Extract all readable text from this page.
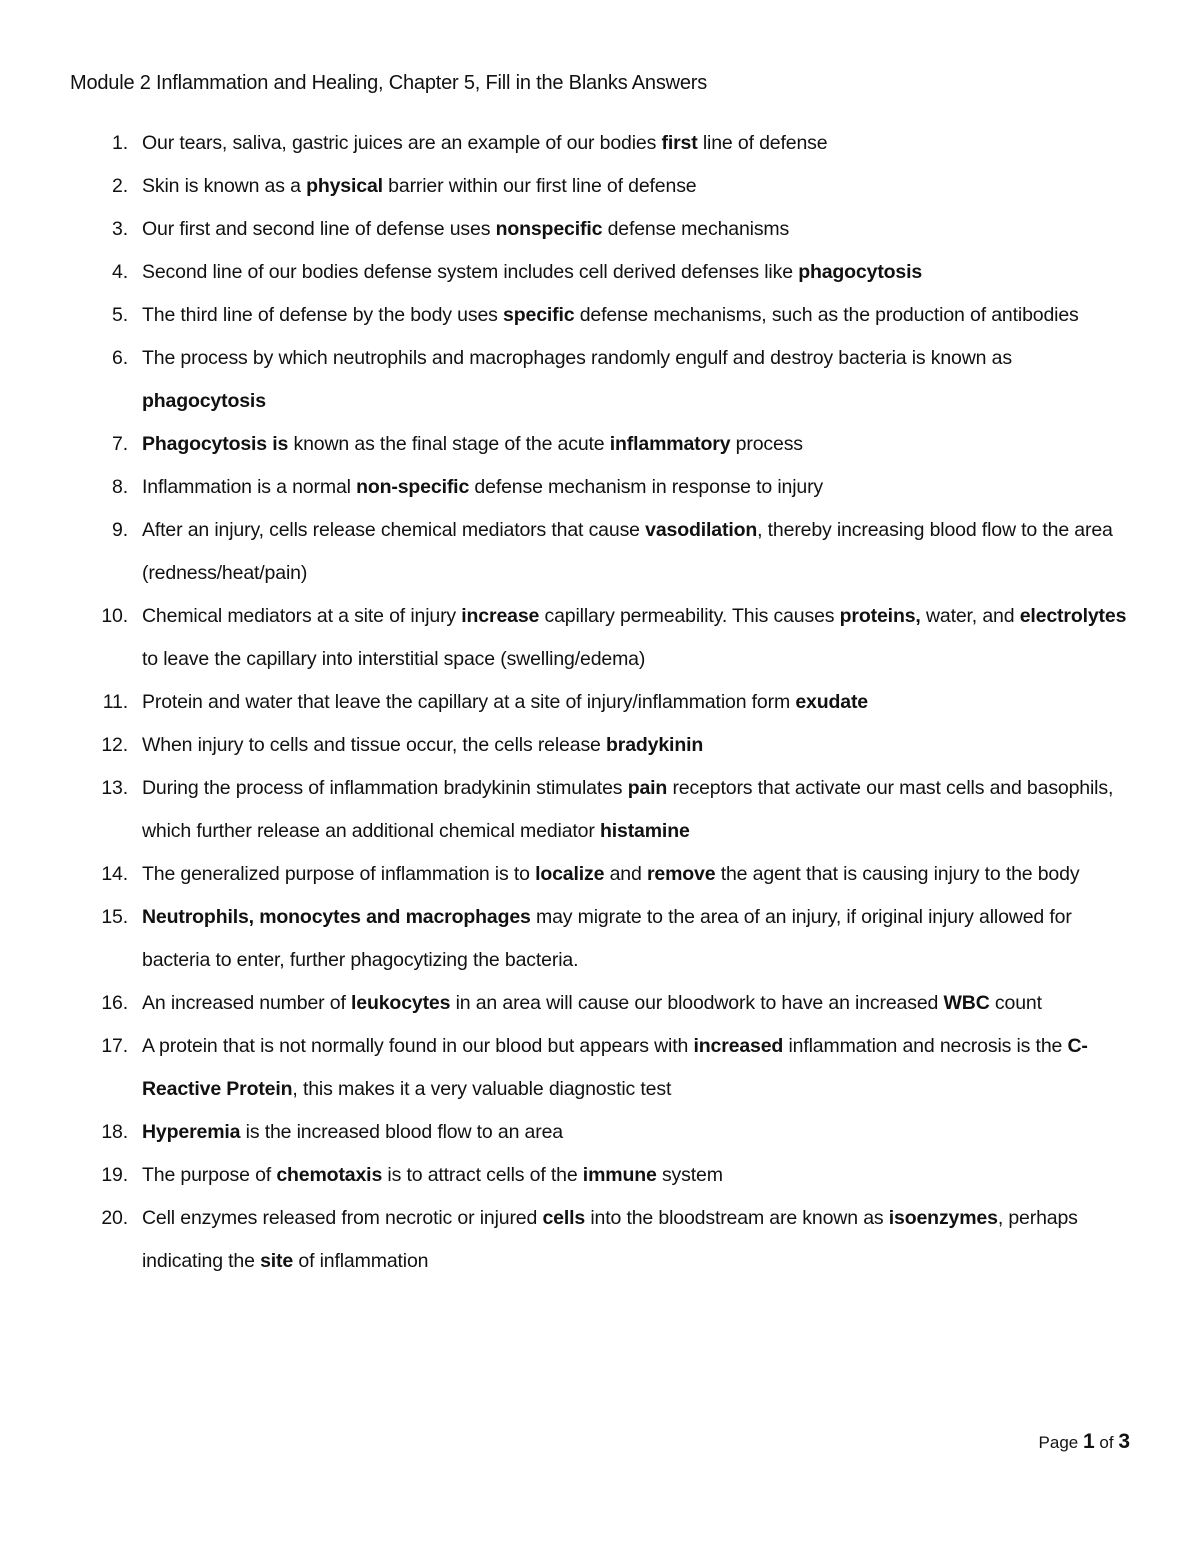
Module 2 Inflammation and Healing, Chapter 5, Fill in the Blanks Answers
1. Our tears, saliva, gastric juices are an example of our bodies first line of defense
2. Skin is known as a physical barrier within our first line of defense
3. Our first and second line of defense uses nonspecific defense mechanisms
4. Second line of our bodies defense system includes cell derived defenses like phagocytosis
5. The third line of defense by the body uses specific defense mechanisms, such as the production of antibodies
6. The process by which neutrophils and macrophages randomly engulf and destroy bacteria is known as phagocytosis
7. Phagocytosis is known as the final stage of the acute inflammatory process
8. Inflammation is a normal non-specific defense mechanism in response to injury
9. After an injury, cells release chemical mediators that cause vasodilation, thereby increasing blood flow to the area (redness/heat/pain)
10. Chemical mediators at a site of injury increase capillary permeability. This causes proteins, water, and electrolytes to leave the capillary into interstitial space (swelling/edema)
11. Protein and water that leave the capillary at a site of injury/inflammation form exudate
12. When injury to cells and tissue occur, the cells release bradykinin
13. During the process of inflammation bradykinin stimulates pain receptors that activate our mast cells and basophils, which further release an additional chemical mediator histamine
14. The generalized purpose of inflammation is to localize and remove the agent that is causing injury to the body
15. Neutrophils, monocytes and macrophages may migrate to the area of an injury, if original injury allowed for bacteria to enter, further phagocytizing the bacteria.
16. An increased number of leukocytes in an area will cause our bloodwork to have an increased WBC count
17. A protein that is not normally found in our blood but appears with increased inflammation and necrosis is the C-Reactive Protein, this makes it a very valuable diagnostic test
18. Hyperemia is the increased blood flow to an area
19. The purpose of chemotaxis is to attract cells of the immune system
20. Cell enzymes released from necrotic or injured cells into the bloodstream are known as isoenzymes, perhaps indicating the site of inflammation
Page 1 of 3
